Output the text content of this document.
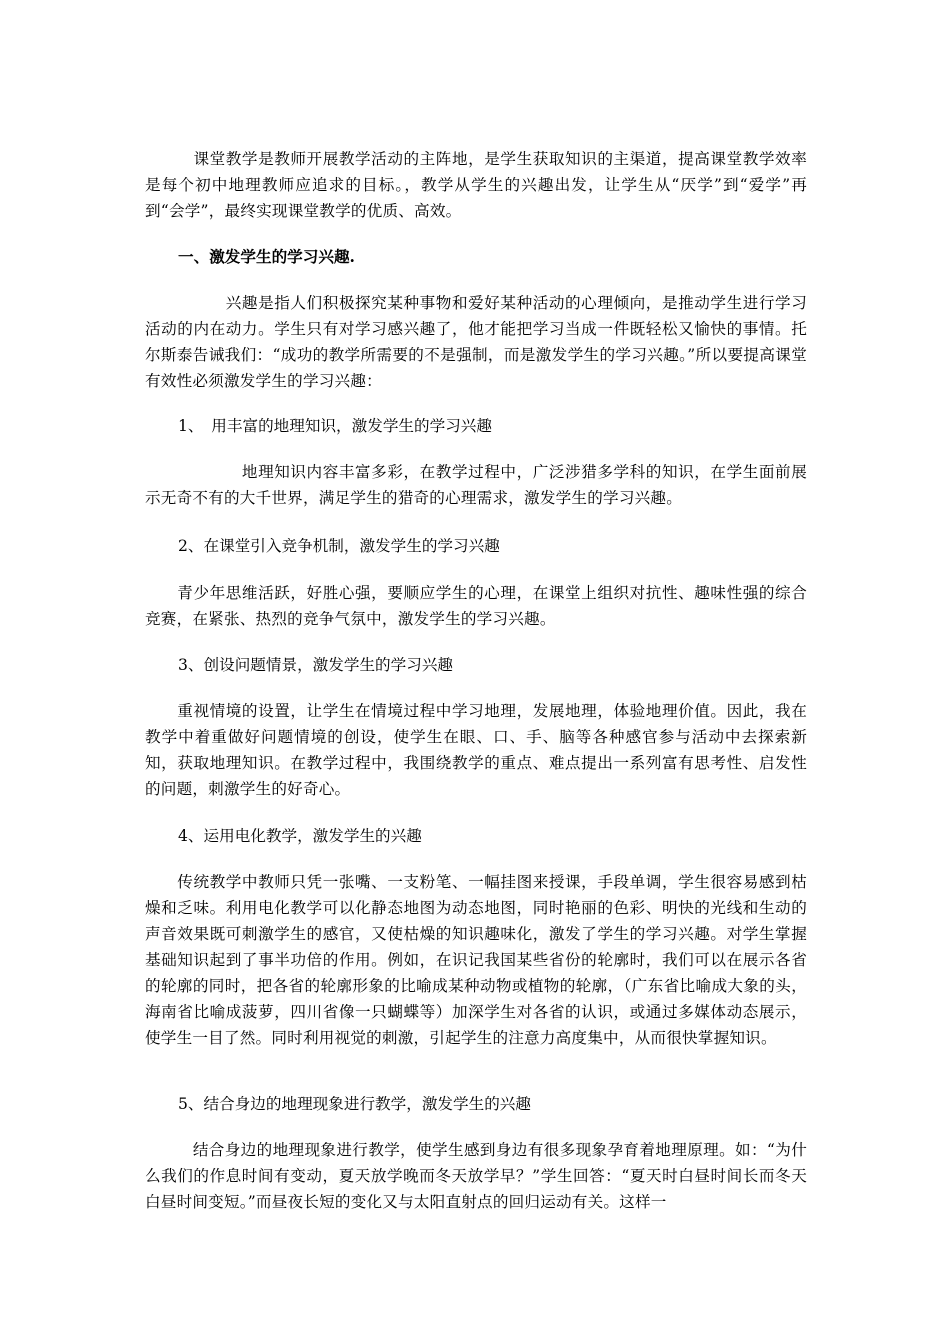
　　　课堂教学是教师开展教学活动的主阵地，是学生获取知识的主渠道，提高课堂教学效率是每个初中地理教师应追求的目标。，教学从学生的兴趣出发，让学生从“厌学”到“爱学”再到“会学”，最终实现课堂教学的优质、高效。

一、激发学生的学习兴趣.

　　　　　兴趣是指人们积极探究某种事物和爱好某种活动的心理倾向，是推动学生进行学习活动的内在动力。学生只有对学习感兴趣了，他才能把学习当成一件既轻松又愉快的事情。托尔斯泰告诫我们：“成功的教学所需要的不是强制，而是激发学生的学习兴趣。”所以要提高课堂有效性必须激发学生的学习兴趣：

1、　用丰富的地理知识，激发学生的学习兴趣

　　　　　　地理知识内容丰富多彩，在教学过程中，广泛涉猎多学科的知识，在学生面前展示无奇不有的大千世界，满足学生的猎奇的心理需求，激发学生的学习兴趣。

2、在课堂引入竞争机制，激发学生的学习兴趣

　　青少年思维活跃，好胜心强，要顺应学生的心理，在课堂上组织对抗性、趣味性强的综合竞赛，在紧张、热烈的竞争气氛中，激发学生的学习兴趣。

3、创设问题情景，激发学生的学习兴趣

　　重视情境的设置，让学生在情境过程中学习地理，发展地理，体验地理价值。因此，我在教学中着重做好问题情境的创设，使学生在眼、口、手、脑等各种感官参与活动中去探索新知，获取地理知识。在教学过程中，我围绕教学的重点、难点提出一系列富有思考性、启发性的问题，刺激学生的好奇心。

4、运用电化教学，激发学生的兴趣

　　传统教学中教师只凭一张嘴、一支粉笔、一幅挂图来授课，手段单调，学生很容易感到枯燥和乏味。利用电化教学可以化静态地图为动态地图，同时艳丽的色彩、明快的光线和生动的声音效果既可刺激学生的感官，又使枯燥的知识趣味化，激发了学生的学习兴趣。对学生掌握基础知识起到了事半功倍的作用。例如，在识记我国某些省份的轮廓时，我们可以在展示各省的轮廓的同时，把各省的轮廓形象的比喻成某种动物或植物的轮廓，（广东省比喻成大象的头，海南省比喻成菠萝，四川省像一只蝴蝶等）加深学生对各省的认识，或通过多媒体动态展示，使学生一目了然。同时利用视觉的刺激，引起学生的注意力高度集中，从而很快掌握知识。

5、结合身边的地理现象进行教学，激发学生的兴趣

　　　结合身边的地理现象进行教学，使学生感到身边有很多现象孕育着地理原理。如：“为什么我们的作息时间有变动，夏天放学晚而冬天放学早？”学生回答：“夏天时白昼时间长而冬天白昼时间变短。”而昼夜长短的变化又与太阳直射点的回归运动有关。这样一
